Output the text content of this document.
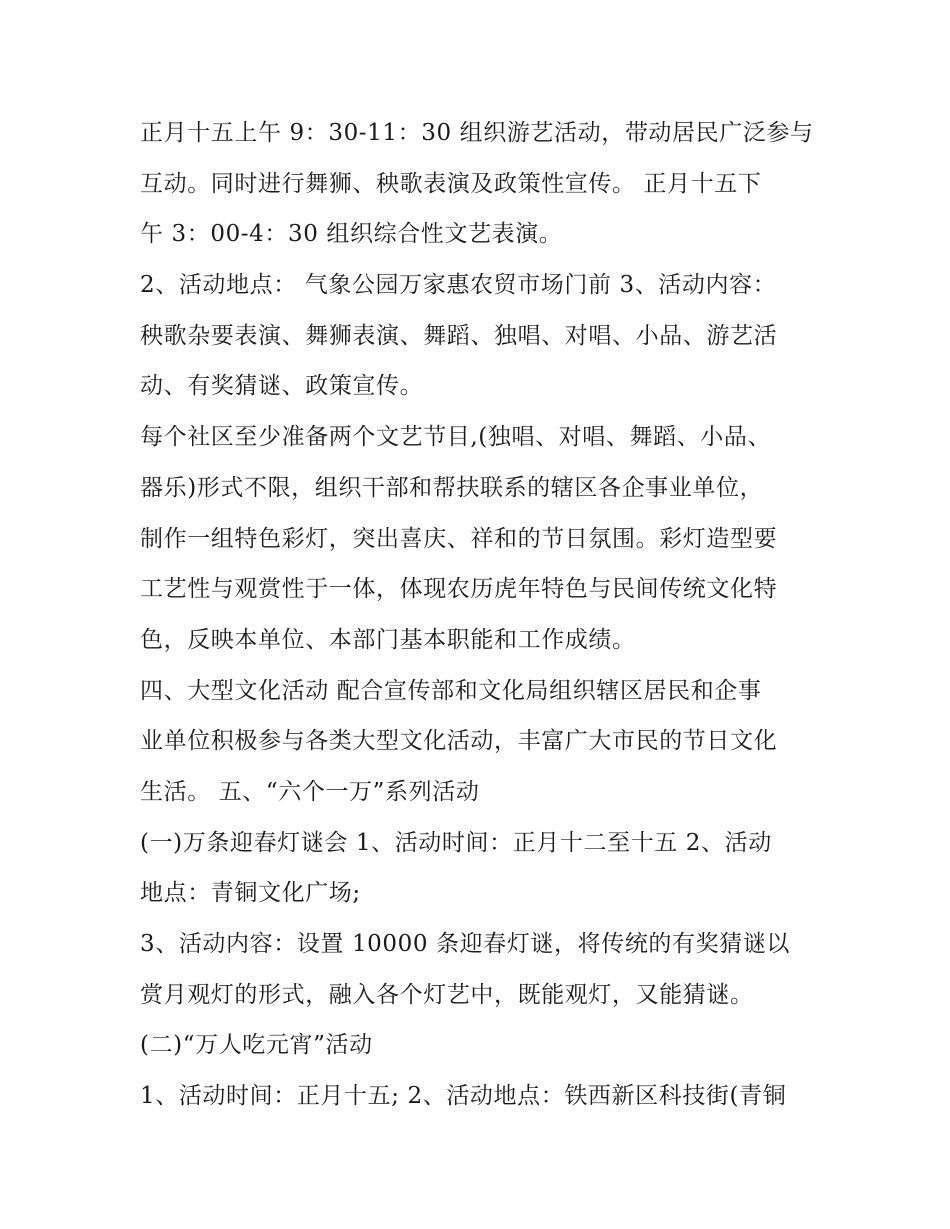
正月十五上午 9：30-11：30 组织游艺活动，带动居民广泛参与
互动。同时进行舞狮、秧歌表演及政策性宣传。 正月十五下
午 3：00-4：30 组织综合性文艺表演。
2、活动地点： 气象公园万家惠农贸市场门前 3、活动内容：
秧歌杂要表演、舞狮表演、舞蹈、独唱、对唱、小品、游艺活
动、有奖猜谜、政策宣传。
每个社区至少准备两个文艺节目,(独唱、对唱、舞蹈、小品、
器乐)形式不限，组织干部和帮扶联系的辖区各企事业单位，
制作一组特色彩灯，突出喜庆、祥和的节日氛围。彩灯造型要
工艺性与观赏性于一体，体现农历虎年特色与民间传统文化特
色，反映本单位、本部门基本职能和工作成绩。
四、大型文化活动 配合宣传部和文化局组织辖区居民和企事
业单位积极参与各类大型文化活动，丰富广大市民的节日文化
生活。 五、“六个一万”系列活动
(一)万条迎春灯谜会 1、活动时间：正月十二至十五 2、活动
地点：青铜文化广场;
3、活动内容：设置 10000 条迎春灯谜，将传统的有奖猜谜以
赏月观灯的形式，融入各个灯艺中，既能观灯，又能猜谜。
(二)“万人吃元宵”活动
1、活动时间：正月十五; 2、活动地点：铁西新区科技街(青铜
